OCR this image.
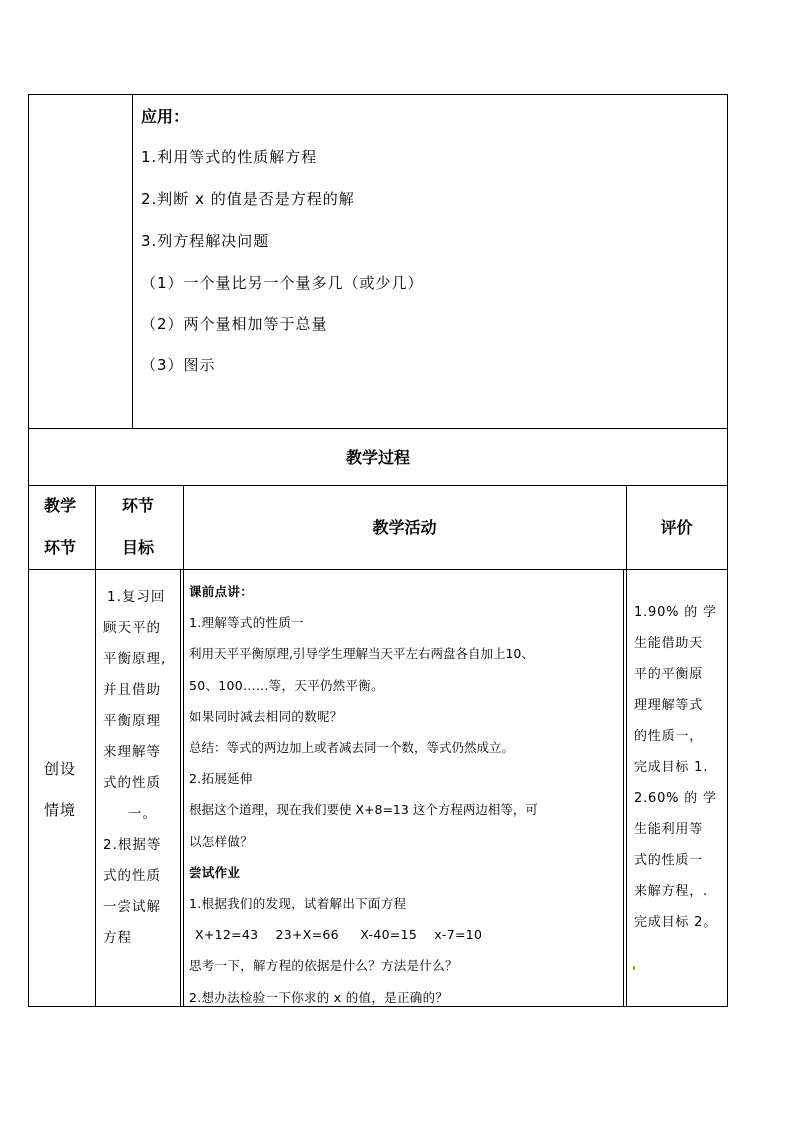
应用：
1.利用等式的性质解方程
2.判断 x 的值是否是方程的解
3.列方程解决问题
（1）一个量比另一个量多几（或少几）
（2）两个量相加等于总量
（3）图示
教学过程
教学
环节
环节
目标
教学活动	评价
创设
情境
1.复习回
顾天平的
平衡原理,
并且借助
平衡原理
来理解等
式的性质
一。
2.根据等
式的性质
一尝试解
方程
课前点讲：
1.理解等式的性质一
利用天平平衡原理,引导学生理解当天平左右两盘各自加上10、
50、100……等，天平仍然平衡。
如果同时减去相同的数呢？
总结：等式的两边加上或者减去同一个数，等式仍然成立。
2.拓展延伸
根据这个道理，现在我们要使 X+8=13 这个方程两边相等，可
以怎样做？
尝试作业
1.根据我们的发现，试着解出下面方程
X+12=43    23+X=66     X-40=15    x-7=10
思考一下，解方程的依据是什么？方法是什么？
2.想办法检验一下你求的 x 的值，是正确的？
1.90% 的 学
生能借助天
平的平衡原
理理解等式
的性质一，
完成目标 1.
2.60% 的 学
生能利用等
式的性质一
来解方程，.
完成目标 2。
